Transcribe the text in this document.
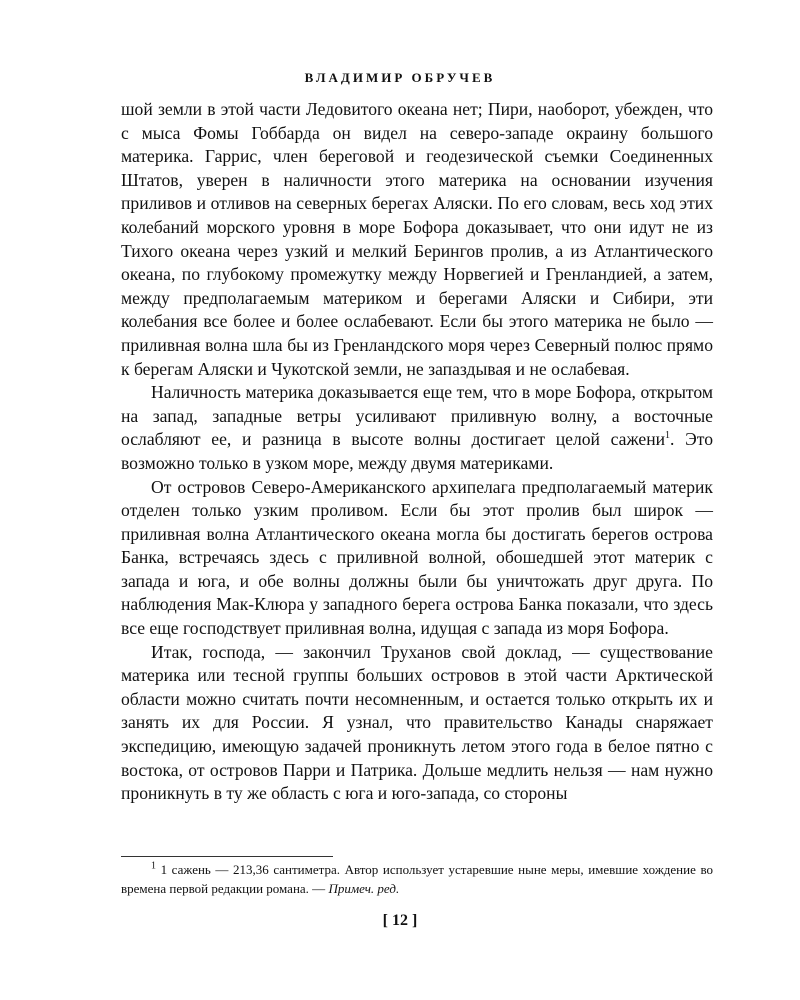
ВЛАДИМИР ОБРУЧЕВ

шой земли в этой части Ледовитого океана нет; Пири, наоборот, убежден, что с мыса Фомы Гоббарда он видел на северо-западе окраину большого материка. Гаррис, член береговой и геодезической съемки Соединенных Штатов, уверен в наличности этого материка на основании изучения приливов и отливов на северных берегах Аляски. По его словам, весь ход этих колебаний морского уровня в море Бофора доказывает, что они идут не из Тихого океана через узкий и мелкий Берингов пролив, а из Атлантического океана, по глубокому промежутку между Норвегией и Гренландией, а затем, между предполагаемым материком и берегами Аляски и Сибири, эти колебания все более и более ослабевают. Если бы этого материка не было — приливная волна шла бы из Гренландского моря через Северный полюс прямо к берегам Аляски и Чукотской земли, не запаздывая и не ослабевая.

Наличность материка доказывается еще тем, что в море Бофора, открытом на запад, западные ветры усиливают приливную волну, а восточные ослабляют ее, и разница в высоте волны достигает целой сажени$^1$. Это возможно только в узком море, между двумя материками.

От островов Северо-Американского архипелага предполагаемый материк отделен только узким проливом. Если бы этот пролив был широк — приливная волна Атлантического океана могла бы достигать берегов острова Банка, встречаясь здесь с приливной волной, обошедшей этот материк с запада и юга, и обе волны должны были бы уничтожать друг друга. По наблюдения Мак-Клюра у западного берега острова Банка показали, что здесь все еще господствует приливная волна, идущая с запада из моря Бофора.

Итак, господа, — закончил Труханов свой доклад, — существование материка или тесной группы больших островов в этой части Арктической области можно считать почти несомненным, и остается только открыть их и занять их для России. Я узнал, что правительство Канады снаряжает экспедицию, имеющую задачей проникнуть летом этого года в белое пятно с востока, от островов Парри и Патрика. Дольше медлить нельзя — нам нужно проникнуть в ту же область с юга и юго-запада, со стороны

$^1$ 1 сажень — 213,36 сантиметра. Автор использует устаревшие ныне меры, имевшие хождение во времена первой редакции романа. — Примеч. ред.
[ 12 ]
